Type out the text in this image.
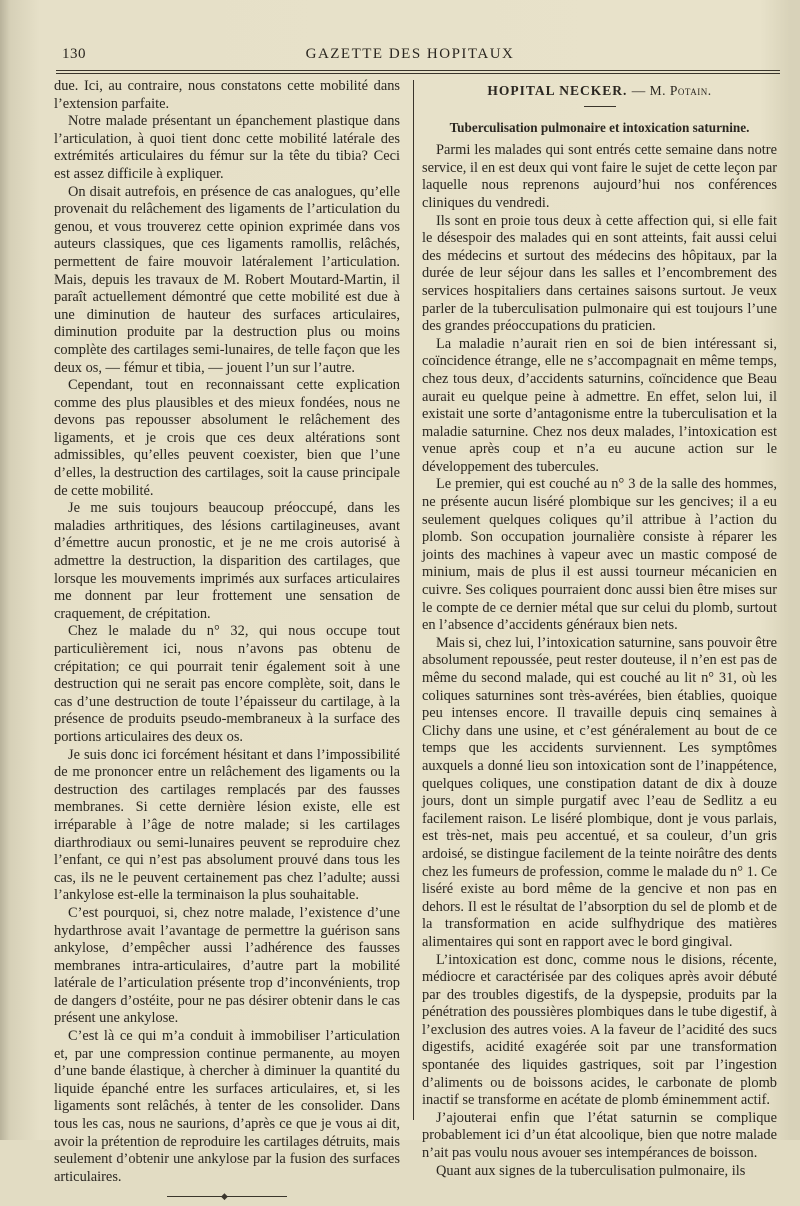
130	GAZETTE DES HOPITAUX

due. Ici, au contraire, nous constatons cette mobilité dans l’extension parfaite.

Notre malade présentant un épanchement plastique dans l’articulation, à quoi tient donc cette mobilité latérale des extrémités articulaires du fémur sur la tête du tibia? Ceci est assez difficile à expliquer.

On disait autrefois, en présence de cas analogues, qu’elle provenait du relâchement des ligaments de l’articulation du genou, et vous trouverez cette opinion exprimée dans vos auteurs classiques, que ces ligaments ramollis, relâchés, permettent de faire mouvoir latéralement l’articulation. Mais, depuis les travaux de M. Robert Moutard-Martin, il paraît actuellement démontré que cette mobilité est due à une diminution de hauteur des surfaces articulaires, diminution produite par la destruction plus ou moins complète des cartilages semi-lunaires, de telle façon que les deux os, — fémur et tibia, — jouent l’un sur l’autre.

Cependant, tout en reconnaissant cette explication comme des plus plausibles et des mieux fondées, nous ne devons pas repousser absolument le relâchement des ligaments, et je crois que ces deux altérations sont admissibles, qu’elles peuvent coexister, bien que l’une d’elles, la destruction des cartilages, soit la cause principale de cette mobilité.

Je me suis toujours beaucoup préoccupé, dans les maladies arthritiques, des lésions cartilagineuses, avant d’émettre aucun pronostic, et je ne me crois autorisé à admettre la destruction, la disparition des cartilages, que lorsque les mouvements imprimés aux surfaces articulaires me donnent par leur frottement une sensation de craquement, de crépitation.

Chez le malade du n° 32, qui nous occupe tout particulièrement ici, nous n’avons pas obtenu de crépitation; ce qui pourrait tenir également soit à une destruction qui ne serait pas encore complète, soit, dans le cas d’une destruction de toute l’épaisseur du cartilage, à la présence de produits pseudo-membraneux à la surface des portions articulaires des deux os.

Je suis donc ici forcément hésitant et dans l’impossibilité de me prononcer entre un relâchement des ligaments ou la destruction des cartilages remplacés par des fausses membranes. Si cette dernière lésion existe, elle est irréparable à l’âge de notre malade; si les cartilages diarthrodiaux ou semi-lunaires peuvent se reproduire chez l’enfant, ce qui n’est pas absolument prouvé dans tous les cas, ils ne le peuvent certainement pas chez l’adulte; aussi l’ankylose est-elle la terminaison la plus souhaitable.

C’est pourquoi, si, chez notre malade, l’existence d’une hydarthrose avait l’avantage de permettre la guérison sans ankylose, d’empêcher aussi l’adhérence des fausses membranes intra-articulaires, d’autre part la mobilité latérale de l’articulation présente trop d’inconvénients, trop de dangers d’ostéite, pour ne pas désirer obtenir dans le cas présent une ankylose.

C’est là ce qui m’a conduit à immobiliser l’articulation et, par une compression continue permanente, au moyen d’une bande élastique, à chercher à diminuer la quantité du liquide épanché entre les surfaces articulaires, et, si les ligaments sont relâchés, à tenter de les consolider. Dans tous les cas, nous ne saurions, d’après ce que je vous ai dit, avoir la prétention de reproduire les cartilages détruits, mais seulement d’obtenir une ankylose par la fusion des surfaces articulaires.

◆
HOPITAL NECKER. — M. Potain.
Tuberculisation pulmonaire et intoxication saturnine.

Parmi les malades qui sont entrés cette semaine dans notre service, il en est deux qui vont faire le sujet de cette leçon par laquelle nous reprenons aujourd’hui nos conférences cliniques du vendredi.

Ils sont en proie tous deux à cette affection qui, si elle fait le désespoir des malades qui en sont atteints, fait aussi celui des médecins et surtout des médecins des hôpitaux, par la durée de leur séjour dans les salles et l’encombrement des services hospitaliers dans certaines saisons surtout. Je veux parler de la tuberculisation pulmonaire qui est toujours l’une des grandes préoccupations du praticien.

La maladie n’aurait rien en soi de bien intéressant si, coïncidence étrange, elle ne s’accompagnait en même temps, chez tous deux, d’accidents saturnins, coïncidence que Beau aurait eu quelque peine à admettre. En effet, selon lui, il existait une sorte d’antagonisme entre la tuberculisation et la maladie saturnine. Chez nos deux malades, l’intoxication est venue après coup et n’a eu aucune action sur le développement des tubercules.

Le premier, qui est couché au n° 3 de la salle des hommes, ne présente aucun liséré plombique sur les gencives; il a eu seulement quelques coliques qu’il attribue à l’action du plomb. Son occupation journalière consiste à réparer les joints des machines à vapeur avec un mastic composé de minium, mais de plus il est aussi tourneur mécanicien en cuivre. Ses coliques pourraient donc aussi bien être mises sur le compte de ce dernier métal que sur celui du plomb, surtout en l’absence d’accidents généraux bien nets.

Mais si, chez lui, l’intoxication saturnine, sans pouvoir être absolument repoussée, peut rester douteuse, il n’en est pas de même du second malade, qui est couché au lit n° 31, où les coliques saturnines sont très-avérées, bien établies, quoique peu intenses encore. Il travaille depuis cinq semaines à Clichy dans une usine, et c’est généralement au bout de ce temps que les accidents surviennent. Les symptômes auxquels a donné lieu son intoxication sont de l’inappétence, quelques coliques, une constipation datant de dix à douze jours, dont un simple purgatif avec l’eau de Sedlitz a eu facilement raison. Le liséré plombique, dont je vous parlais, est très-net, mais peu accentué, et sa couleur, d’un gris ardoisé, se distingue facilement de la teinte noirâtre des dents chez les fumeurs de profession, comme le malade du n° 1. Ce liséré existe au bord même de la gencive et non pas en dehors. Il est le résultat de l’absorption du sel de plomb et de la transformation en acide sulfhydrique des matières alimentaires qui sont en rapport avec le bord gingival.

L’intoxication est donc, comme nous le disions, récente, médiocre et caractérisée par des coliques après avoir débuté par des troubles digestifs, de la dyspepsie, produits par la pénétration des poussières plombiques dans le tube digestif, à l’exclusion des autres voies. A la faveur de l’acidité des sucs digestifs, acidité exagérée soit par une transformation spontanée des liquides gastriques, soit par l’ingestion d’aliments ou de boissons acides, le carbonate de plomb inactif se transforme en acétate de plomb éminemment actif.

J’ajouterai enfin que l’état saturnin se complique probablement ici d’un état alcoolique, bien que notre malade n’ait pas voulu nous avouer ses intempérances de boisson.

Quant aux signes de la tuberculisation pulmonaire, ils
